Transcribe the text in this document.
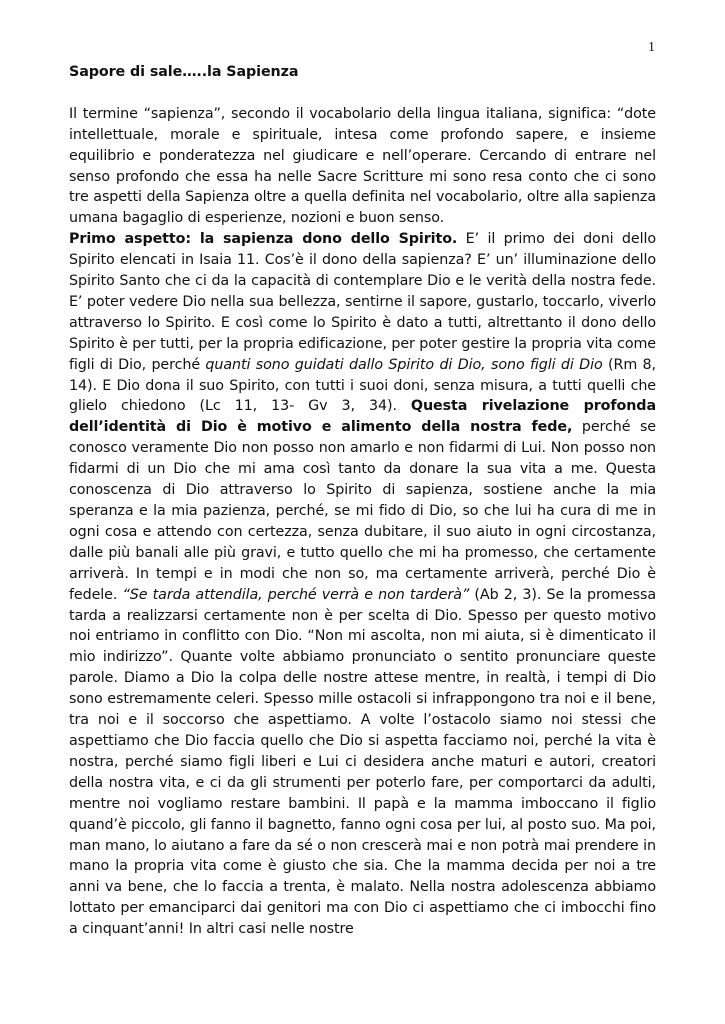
1

Sapore di sale…..la Sapienza

Il termine “sapienza”, secondo il vocabolario della lingua italiana, significa: “dote intellettuale, morale e spirituale, intesa come profondo sapere, e insieme equilibrio e ponderatezza nel giudicare e nell’operare. Cercando di entrare nel senso profondo che essa ha nelle Sacre Scritture mi sono resa conto che ci sono tre aspetti della Sapienza oltre a quella definita nel vocabolario, oltre alla sapienza umana bagaglio di esperienze, nozioni e buon senso.

Primo aspetto: la sapienza dono dello Spirito. E’ il primo dei doni dello Spirito elencati in Isaia 11. Cos’è il dono della sapienza? E’ un’ illuminazione dello Spirito Santo che ci da la capacità di contemplare Dio e le verità della nostra fede. E’ poter vedere Dio nella sua bellezza, sentirne il sapore, gustarlo, toccarlo, viverlo attraverso lo Spirito. E così come lo Spirito è dato a tutti, altrettanto il dono dello Spirito è per tutti, per la propria edificazione, per poter gestire la propria vita come figli di Dio, perché quanti sono guidati dallo Spirito di Dio, sono figli di Dio (Rm 8, 14). E Dio dona il suo Spirito, con tutti i suoi doni, senza misura, a tutti quelli che glielo chiedono (Lc 11, 13- Gv 3, 34). Questa rivelazione profonda dell’identità di Dio è motivo e alimento della nostra fede, perché se conosco veramente Dio non posso non amarlo e non fidarmi di Lui. Non posso non fidarmi di un Dio che mi ama così tanto da donare la sua vita a me. Questa conoscenza di Dio attraverso lo Spirito di sapienza, sostiene anche la mia speranza e la mia pazienza, perché, se mi fido di Dio, so che lui ha cura di me in ogni cosa e attendo con certezza, senza dubitare, il suo aiuto in ogni circostanza, dalle più banali alle più gravi, e tutto quello che mi ha promesso, che certamente arriverà. In tempi e in modi che non so, ma certamente arriverà, perché Dio è fedele. “Se tarda attendila, perché verrà e non tarderà” (Ab 2, 3). Se la promessa tarda a realizzarsi certamente non è per scelta di Dio. Spesso per questo motivo noi entriamo in conflitto con Dio. “Non mi ascolta, non mi aiuta, si è dimenticato il mio indirizzo”. Quante volte abbiamo pronunciato o sentito pronunciare queste parole. Diamo a Dio la colpa delle nostre attese mentre, in realtà, i tempi di Dio sono estremamente celeri. Spesso mille ostacoli si infrappongono tra noi e il bene, tra noi e il soccorso che aspettiamo. A volte l’ostacolo siamo noi stessi che aspettiamo che Dio faccia quello che Dio si aspetta facciamo noi, perché la vita è nostra, perché siamo figli liberi e Lui ci desidera anche maturi e autori, creatori della nostra vita, e ci da gli strumenti per poterlo fare, per comportarci da adulti, mentre noi vogliamo restare bambini. Il papà e la mamma imboccano il figlio quand’è piccolo, gli fanno il bagnetto, fanno ogni cosa per lui, al posto suo. Ma poi, man mano, lo aiutano a fare da sé o non crescerà mai e non potrà mai prendere in mano la propria vita come è giusto che sia. Che la mamma decida per noi a tre anni va bene, che lo faccia a trenta, è malato. Nella nostra adolescenza abbiamo lottato per emanciparci dai genitori ma con Dio ci aspettiamo che ci imbocchi fino a cinquant’anni! In altri casi nelle nostre
